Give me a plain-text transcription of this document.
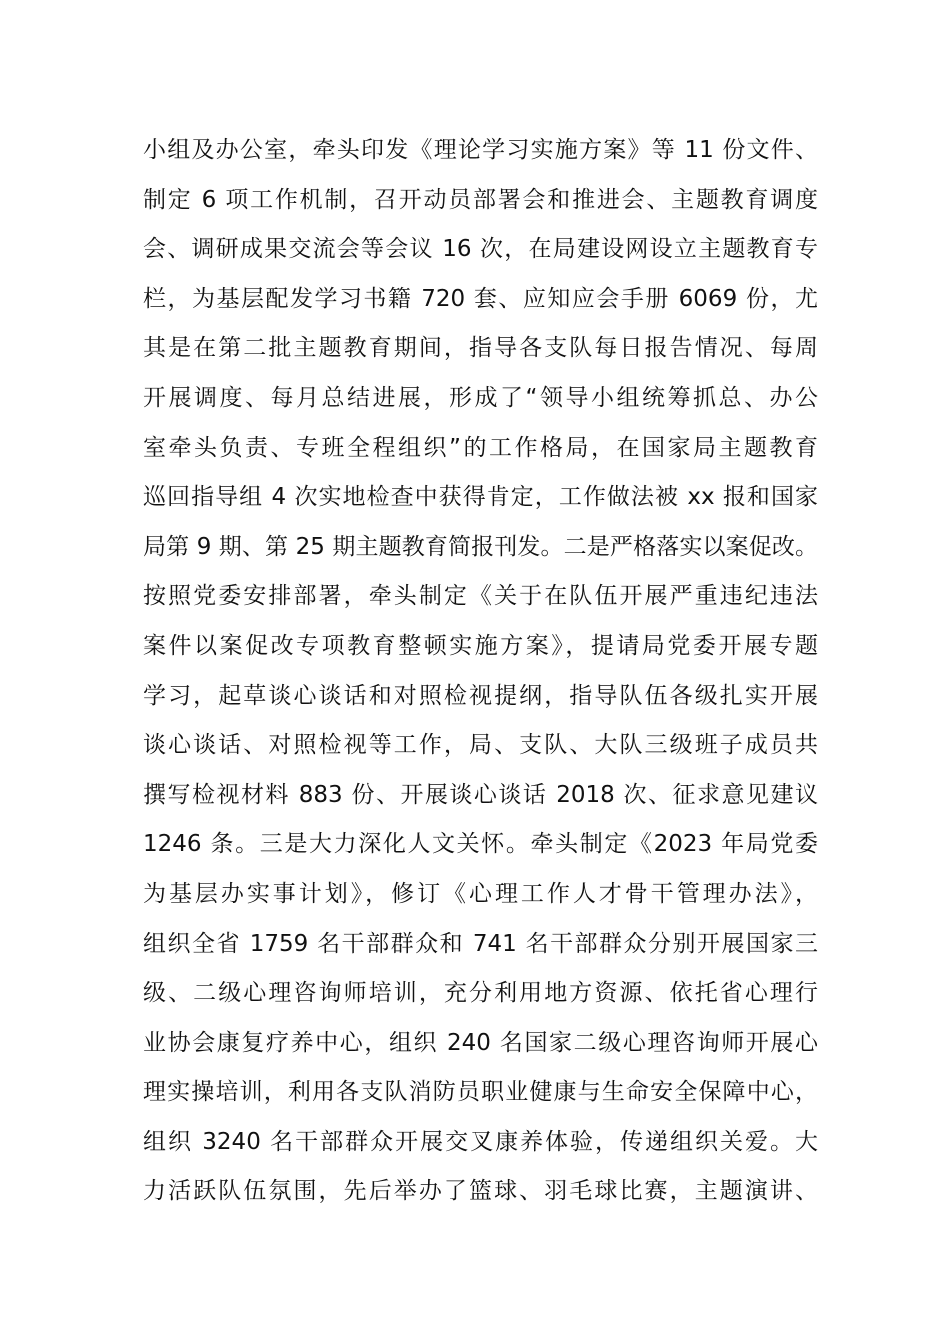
小组及办公室，牵头印发《理论学习实施方案》等 11 份文件、
制定 6 项工作机制，召开动员部署会和推进会、主题教育调度
会、调研成果交流会等会议 16 次，在局建设网设立主题教育专
栏，为基层配发学习书籍 720 套、应知应会手册 6069 份，尤
其是在第二批主题教育期间，指导各支队每日报告情况、每周
开展调度、每月总结进展，形成了“领导小组统筹抓总、办公
室牵头负责、专班全程组织”的工作格局，在国家局主题教育
巡回指导组 4 次实地检查中获得肯定，工作做法被 xx 报和国家
局第 9 期、第 25 期主题教育简报刊发。二是严格落实以案促改。
按照党委安排部署，牵头制定《关于在队伍开展严重违纪违法
案件以案促改专项教育整顿实施方案》，提请局党委开展专题
学习，起草谈心谈话和对照检视提纲，指导队伍各级扎实开展
谈心谈话、对照检视等工作，局、支队、大队三级班子成员共
撰写检视材料 883 份、开展谈心谈话 2018 次、征求意见建议
1246 条。三是大力深化人文关怀。牵头制定《2023 年局党委
为基层办实事计划》，修订《心理工作人才骨干管理办法》，
组织全省 1759 名干部群众和 741 名干部群众分别开展国家三
级、二级心理咨询师培训，充分利用地方资源、依托省心理行
业协会康复疗养中心，组织 240 名国家二级心理咨询师开展心
理实操培训，利用各支队消防员职业健康与生命安全保障中心，
组织 3240 名干部群众开展交叉康养体验，传递组织关爱。大
力活跃队伍氛围，先后举办了篮球、羽毛球比赛，主题演讲、
